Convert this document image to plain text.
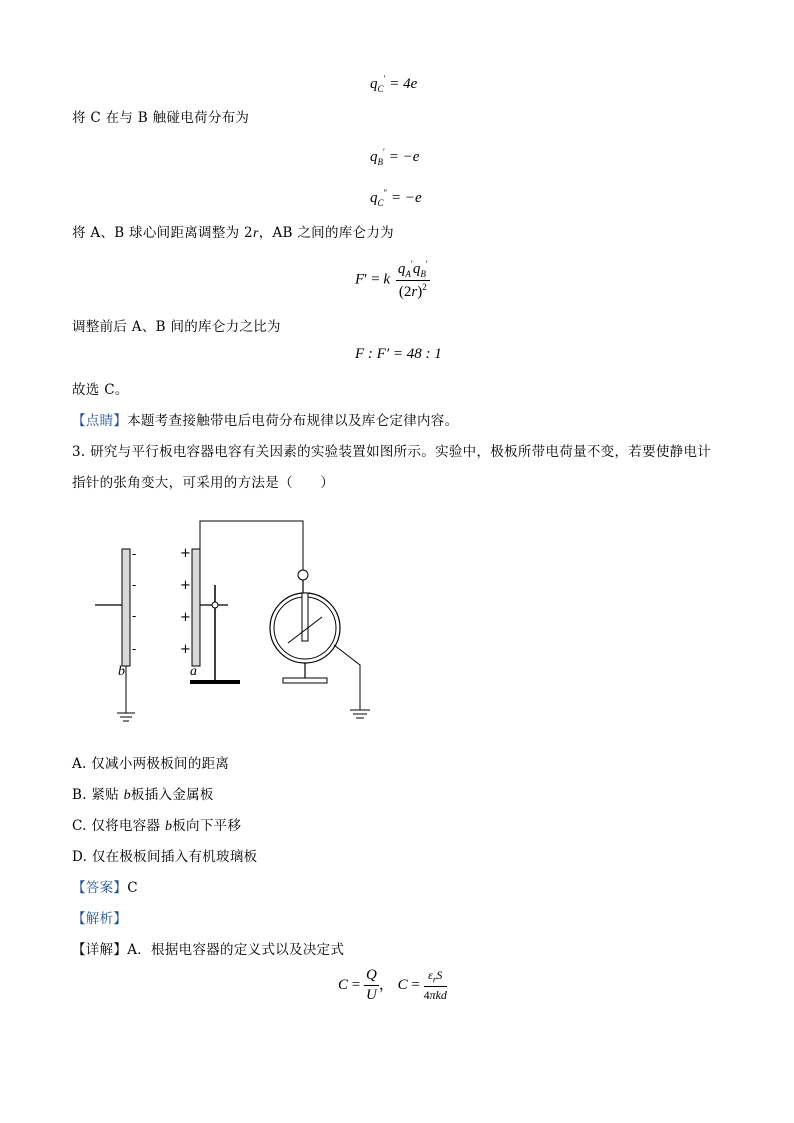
$q_C' = 4e$
将 C 在与 B 触碰电荷分布为
$q_B' = -e$
$q_C'' = -e$
将 A、B 球心间距离调整为 2r，AB 之间的库仑力为
F′ = k $\frac{q_A'q_B'}{(2r)^2}$
调整前后 A、B 间的库仑力之比为
F : F′ = 48 : 1
故选 C。
【点睛】本题考查接触带电后电荷分布规律以及库仑定律内容。
3. 研究与平行板电容器电容有关因素的实验装置如图所示。实验中，极板所带电荷量不变，若要使静电计
指针的张角变大，可采用的方法是（　　）
-
-
-
-
b
+
+
+
+
a
A. 仅减小两极板间的距离
B. 紧贴 b板插入金属板
C. 仅将电容器 b板向下平移
D. 仅在极板间插入有机玻璃板
【答案】C
【解析】
【详解】A．根据电容器的定义式以及决定式
$C = \frac{Q}{U}$ ， $C = \frac{\varepsilon_rS}{\text{4πkd}}$
